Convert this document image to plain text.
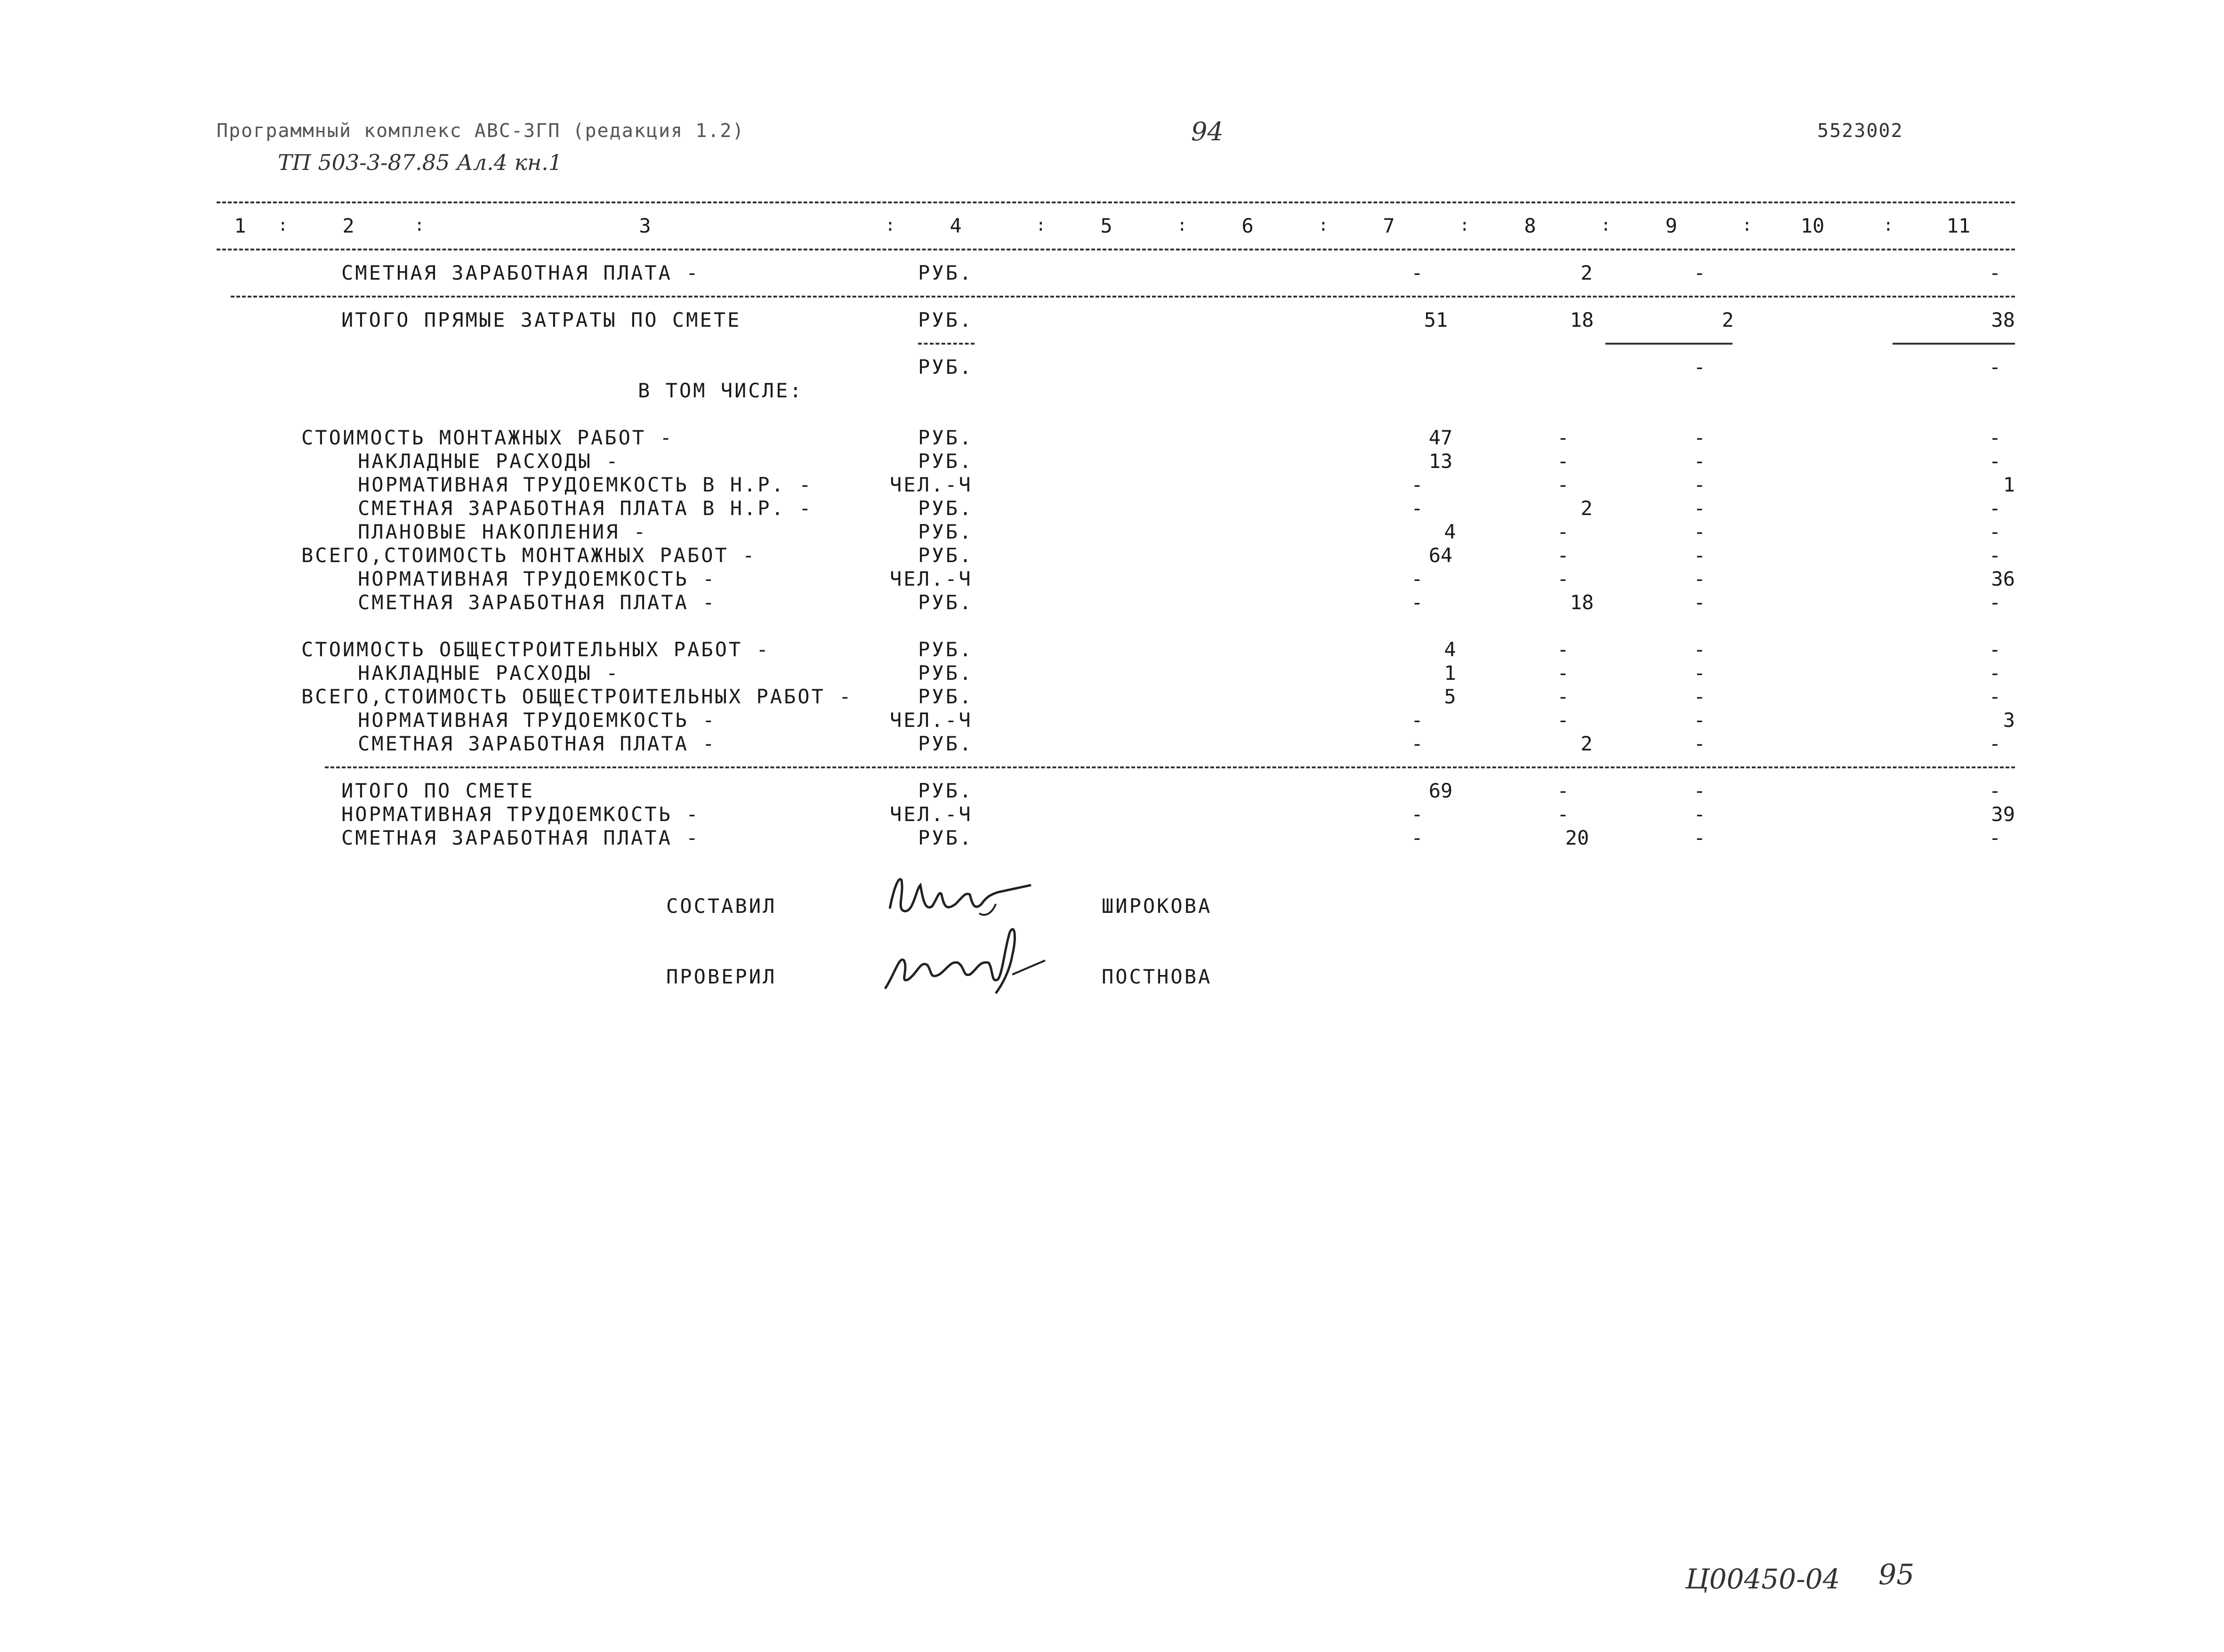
Программный комплекс АВС-ЗГП (редакция 1.2)
ТП 503-3-87.85 Ал.4 кн.1
94	5523002
1	2	3	4	5	6	7	8	9	10	11
:	:	:	:	:	:	:	:	:	:
СМЕТНАЯ ЗАРАБОТНАЯ ПЛАТА -	РУБ.	-	2	-	-
ИТОГО ПРЯМЫЕ ЗАТРАТЫ ПО СМЕТЕ	РУБ.	51	18	2	38
РУБ.	-	-
В ТОМ ЧИСЛЕ:
СТОИМОСТЬ МОНТАЖНЫХ РАБОТ -	РУБ.	47	-	-	-
НАКЛАДНЫЕ РАСХОДЫ -	РУБ.	13	-	-	-
НОРМАТИВНАЯ ТРУДОЕМКОСТЬ В Н.Р. -	ЧЕЛ.-Ч	-	-	-	1
СМЕТНАЯ ЗАРАБОТНАЯ ПЛАТА В Н.Р. -	РУБ.	-	2	-	-
ПЛАНОВЫЕ НАКОПЛЕНИЯ -	РУБ.	4	-	-	-
ВСЕГО,СТОИМОСТЬ МОНТАЖНЫХ РАБОТ -	РУБ.	64	-	-	-
НОРМАТИВНАЯ ТРУДОЕМКОСТЬ -	ЧЕЛ.-Ч	-	-	-	36
СМЕТНАЯ ЗАРАБОТНАЯ ПЛАТА -	РУБ.	-	18	-	-
СТОИМОСТЬ ОБЩЕСТРОИТЕЛЬНЫХ РАБОТ -	РУБ.	4	-	-	-
НАКЛАДНЫЕ РАСХОДЫ -	РУБ.	1	-	-	-
ВСЕГО,СТОИМОСТЬ ОБЩЕСТРОИТЕЛЬНЫХ РАБОТ -	РУБ.	5	-	-	-
НОРМАТИВНАЯ ТРУДОЕМКОСТЬ -	ЧЕЛ.-Ч	-	-	-	3
СМЕТНАЯ ЗАРАБОТНАЯ ПЛАТА -	РУБ.	-	2	-	-
ИТОГО ПО СМЕТЕ	РУБ.	69	-	-	-
НОРМАТИВНАЯ ТРУДОЕМКОСТЬ -	ЧЕЛ.-Ч	-	-	-	39
СМЕТНАЯ ЗАРАБОТНАЯ ПЛАТА -	РУБ.	-	20	-	-
СОСТАВИЛ	ШИРОКОВА
ПРОВЕРИЛ	ПОСТНОВА
Ц00450-04 95
